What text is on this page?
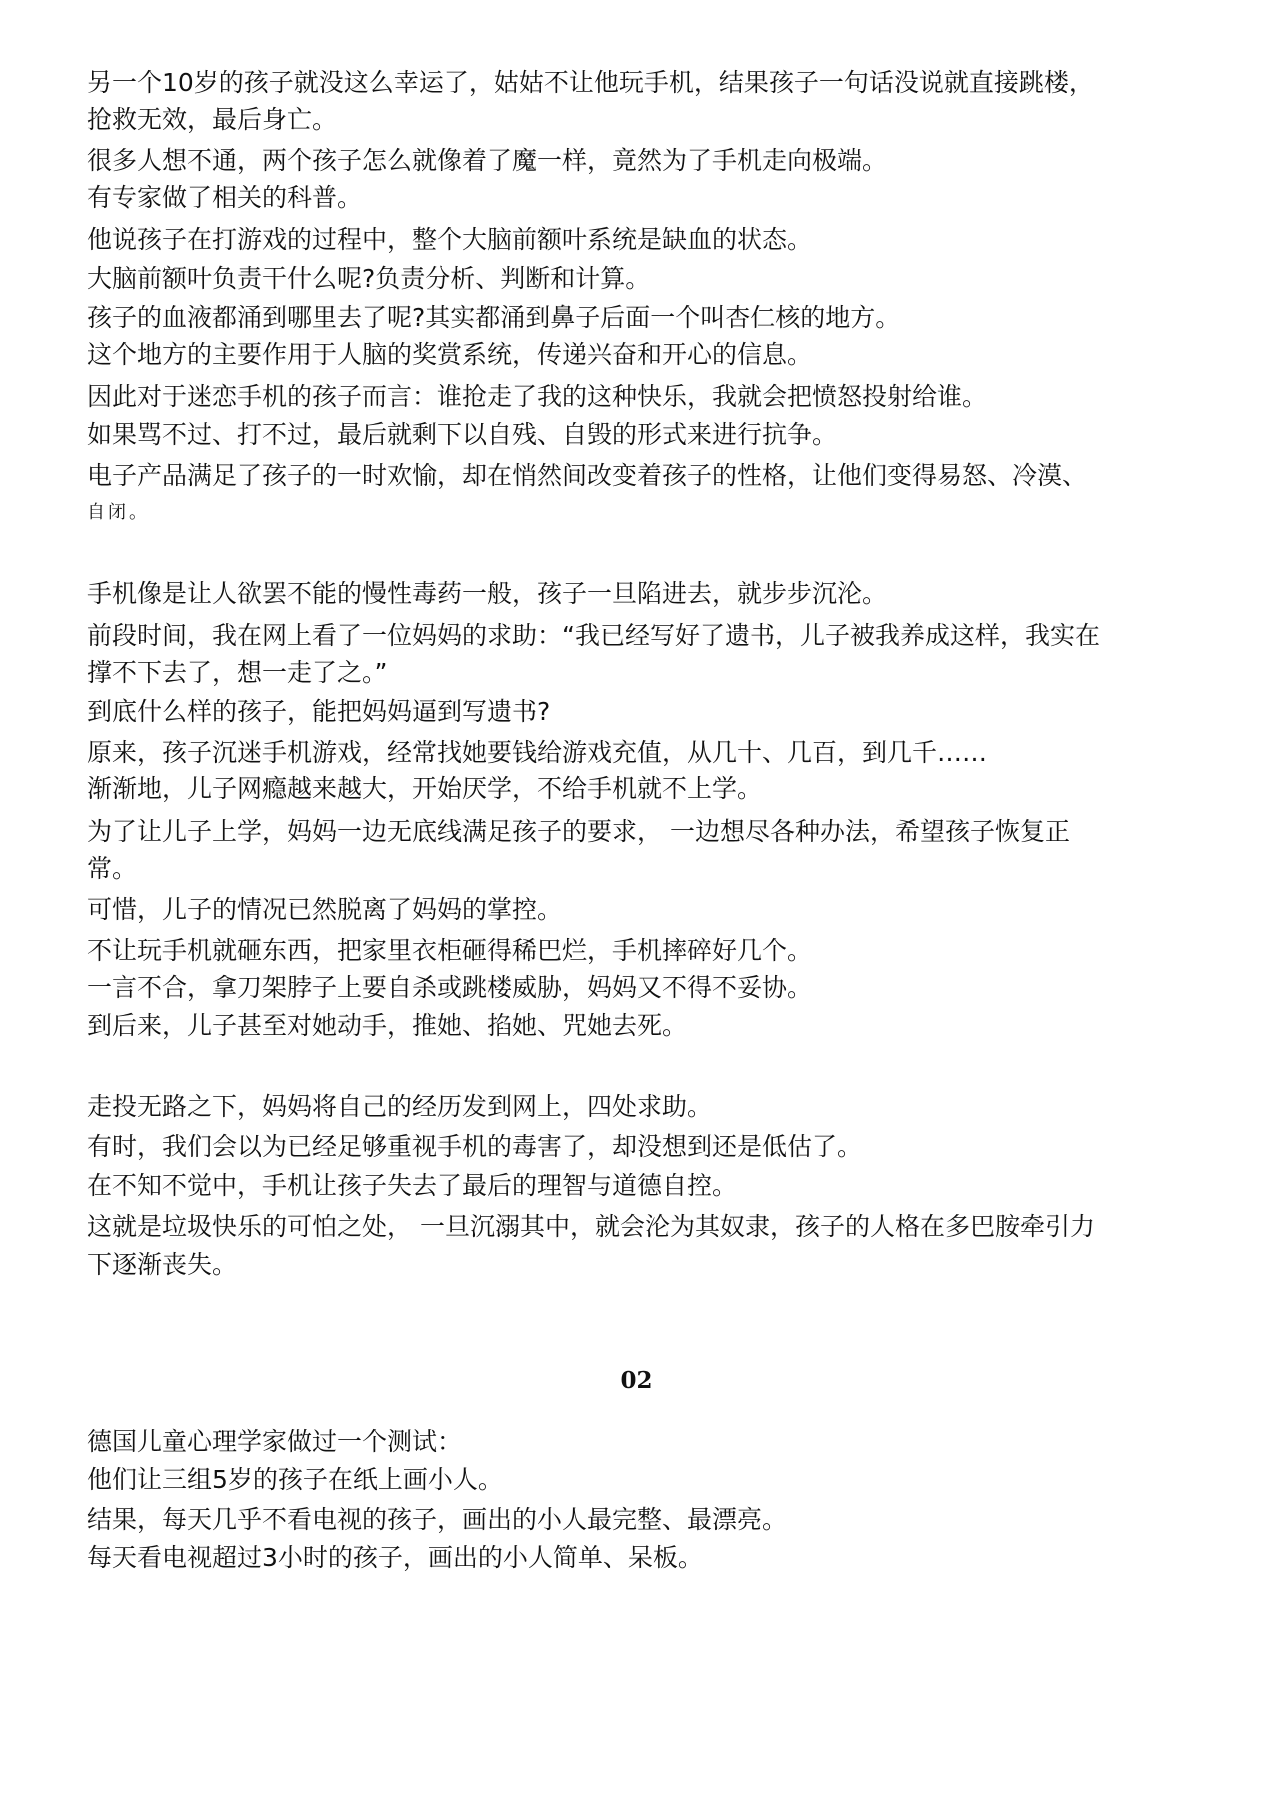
另一个10岁的孩子就没这么幸运了，姑姑不让他玩手机，结果孩子一句话没说就直接跳楼，
抢救无效，最后身亡。
很多人想不通，两个孩子怎么就像着了魔一样，竟然为了手机走向极端。
有专家做了相关的科普。
他说孩子在打游戏的过程中，整个大脑前额叶系统是缺血的状态。
大脑前额叶负责干什么呢?负责分析、判断和计算。
孩子的血液都涌到哪里去了呢?其实都涌到鼻子后面一个叫杏仁核的地方。
这个地方的主要作用于人脑的奖赏系统，传递兴奋和开心的信息。
因此对于迷恋手机的孩子而言：谁抢走了我的这种快乐，我就会把愤怒投射给谁。
如果骂不过、打不过，最后就剩下以自残、自毁的形式来进行抗争。
电子产品满足了孩子的一时欢愉，却在悄然间改变着孩子的性格，让他们变得易怒、冷漠、
自闭。
手机像是让人欲罢不能的慢性毒药一般，孩子一旦陷进去，就步步沉沦。
前段时间，我在网上看了一位妈妈的求助：“我已经写好了遗书，儿子被我养成这样，我实在
撑不下去了，想一走了之。”
到底什么样的孩子，能把妈妈逼到写遗书?
原来，孩子沉迷手机游戏，经常找她要钱给游戏充值，从几十、几百，到几千……
渐渐地，儿子网瘾越来越大，开始厌学，不给手机就不上学。
为了让儿子上学，妈妈一边无底线满足孩子的要求， 一边想尽各种办法，希望孩子恢复正
常。
可惜，儿子的情况已然脱离了妈妈的掌控。
不让玩手机就砸东西，把家里衣柜砸得稀巴烂，手机摔碎好几个。
一言不合，拿刀架脖子上要自杀或跳楼威胁，妈妈又不得不妥协。
到后来，儿子甚至对她动手，推她、掐她、咒她去死。
走投无路之下，妈妈将自己的经历发到网上，四处求助。
有时，我们会以为已经足够重视手机的毒害了，却没想到还是低估了。
在不知不觉中，手机让孩子失去了最后的理智与道德自控。
这就是垃圾快乐的可怕之处， 一旦沉溺其中，就会沦为其奴隶，孩子的人格在多巴胺牵引力
下逐渐丧失。
02
德国儿童心理学家做过一个测试：
他们让三组5岁的孩子在纸上画小人。
结果，每天几乎不看电视的孩子，画出的小人最完整、最漂亮。
每天看电视超过3小时的孩子，画出的小人简单、呆板。
